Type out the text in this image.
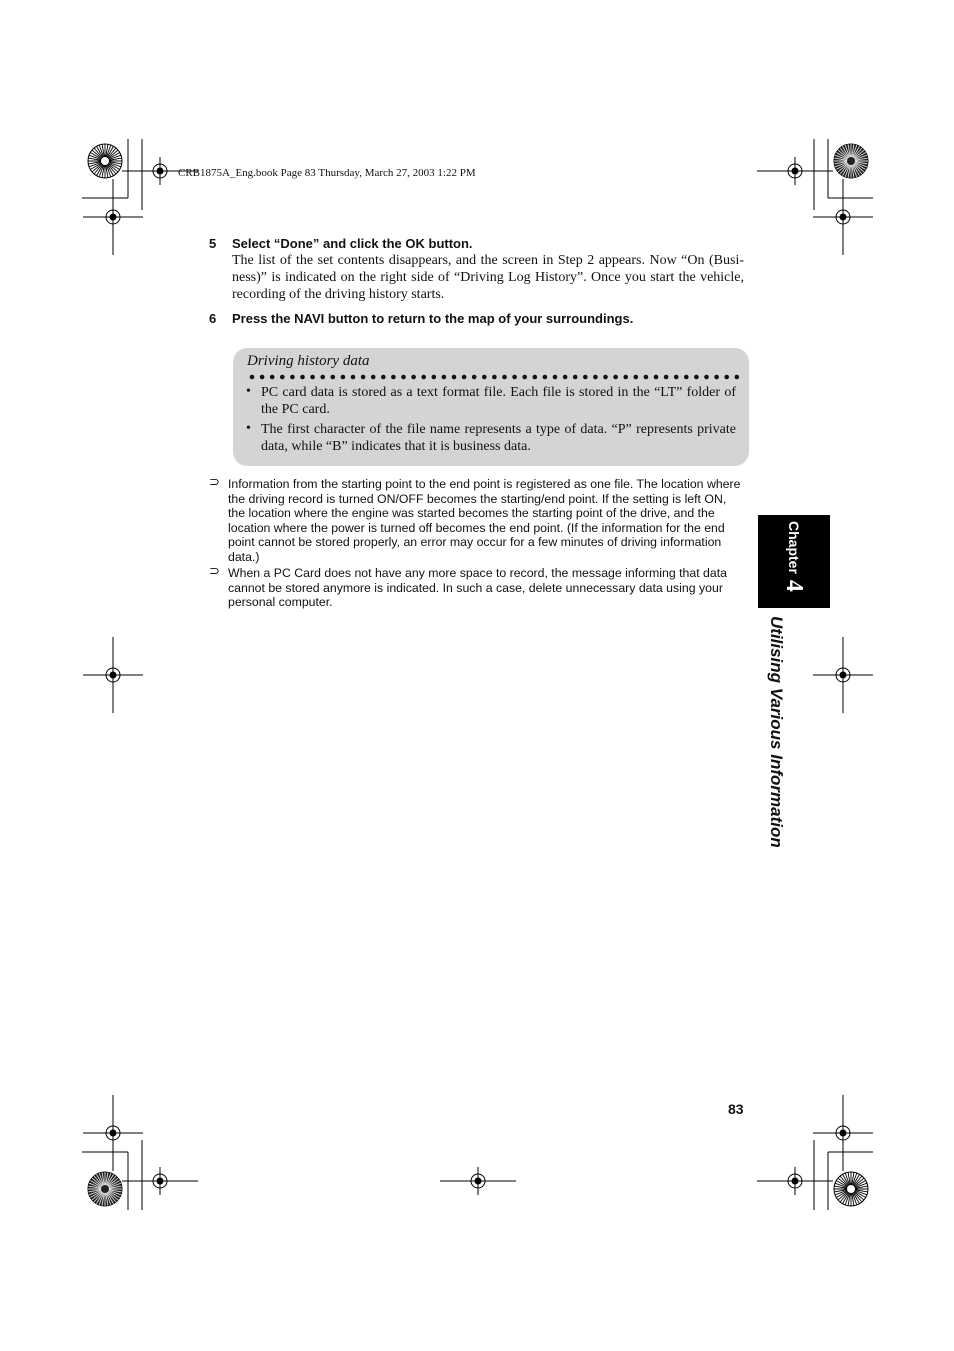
CRB1875A_Eng.book Page 83 Thursday, March 27, 2003 1:22 PM
5 Select “Done” and click the OK button.
The list of the set contents disappears, and the screen in Step 2 appears. Now “On (Busi-ness)” is indicated on the right side of “Driving Log History”. Once you start the vehicle, recording of the driving history starts.
6 Press the NAVI button to return to the map of your surroundings.
Driving history data
• PC card data is stored as a text format file. Each file is stored in the “LT” folder of the PC card.
• The first character of the file name represents a type of data. “P” represents private data, while “B” indicates that it is business data.
⊃ Information from the starting point to the end point is registered as one file. The location where the driving record is turned ON/OFF becomes the starting/end point. If the setting is left ON, the location where the engine was started becomes the starting point of the drive, and the location where the power is turned off becomes the end point. (If the information for the end point cannot be stored properly, an error may occur for a few minutes of driving information data.)
⊃ When a PC Card does not have any more space to record, the message informing that data cannot be stored anymore is indicated. In such a case, delete unnecessary data using your personal computer.
Chapter
4
Utilising Various Information
83
